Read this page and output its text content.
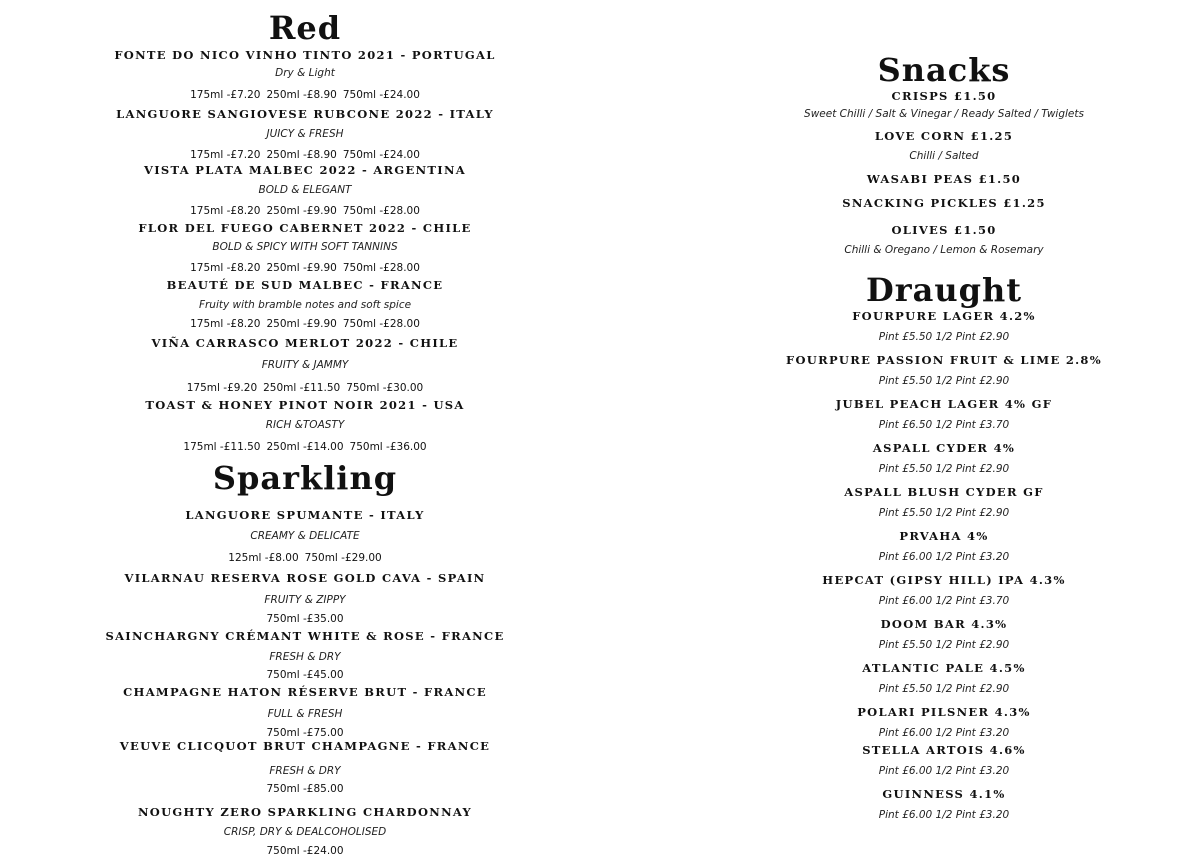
Red
FONTE DO NICO VINHO TINTO 2021 - PORTUGAL
Dry & Light
175ml -£7.20 250ml -£8.90 750ml -£24.00
LANGUORE SANGIOVESE RUBCONE 2022 - ITALY
JUICY & FRESH
175ml -£7.20 250ml -£8.90 750ml -£24.00
VISTA PLATA MALBEC 2022 - ARGENTINA
BOLD & ELEGANT
175ml -£8.20 250ml -£9.90 750ml -£28.00
FLOR DEL FUEGO CABERNET 2022 - CHILE
BOLD & SPICY WITH SOFT TANNINS
175ml -£8.20 250ml -£9.90 750ml -£28.00
BEAUTÉ DE SUD MALBEC - FRANCE
Fruity with bramble notes and soft spice
175ml -£8.20 250ml -£9.90 750ml -£28.00
VIÑA CARRASCO MERLOT 2022 - CHILE
FRUITY & JAMMY
175ml -£9.20 250ml -£11.50 750ml -£30.00
TOAST & HONEY PINOT NOIR 2021 - USA
RICH &TOASTY
175ml -£11.50 250ml -£14.00 750ml -£36.00
Sparkling
LANGUORE SPUMANTE - ITALY
CREAMY & DELICATE
125ml -£8.00 750ml -£29.00
VILARNAU RESERVA ROSE GOLD CAVA - SPAIN
FRUITY & ZIPPY
750ml -£35.00
SAINCHARGNY CRÉMANT WHITE & ROSE - FRANCE
FRESH & DRY
750ml -£45.00
CHAMPAGNE HATON RÉSERVE BRUT - FRANCE
FULL & FRESH
750ml -£75.00
VEUVE CLICQUOT BRUT CHAMPAGNE - FRANCE
FRESH & DRY
750ml -£85.00
NOUGHTY ZERO SPARKLING CHARDONNAY
CRISP, DRY & DEALCOHOLISED
750ml -£24.00
Snacks
CRISPS £1.50
Sweet Chilli / Salt & Vinegar / Ready Salted / Twiglets
LOVE CORN £1.25
Chilli / Salted
WASABI PEAS £1.50
SNACKING PICKLES £1.25
OLIVES £1.50
Chilli & Oregano / Lemon & Rosemary
Draught
FOURPURE LAGER 4.2%
Pint £5.50 1/2 Pint £2.90
FOURPURE PASSION FRUIT & LIME 2.8%
Pint £5.50 1/2 Pint £2.90
JUBEL PEACH LAGER 4% GF
Pint £6.50 1/2 Pint £3.70
ASPALL CYDER 4%
Pint £5.50 1/2 Pint £2.90
ASPALL BLUSH CYDER GF
Pint £5.50 1/2 Pint £2.90
PRVAHA 4%
Pint £6.00 1/2 Pint £3.20
HEPCAT (GIPSY HILL) IPA 4.3%
Pint £6.00 1/2 Pint £3.70
DOOM BAR 4.3%
Pint £5.50 1/2 Pint £2.90
ATLANTIC PALE 4.5%
Pint £5.50 1/2 Pint £2.90
POLARI PILSNER 4.3%
Pint £6.00 1/2 Pint £3.20
STELLA ARTOIS 4.6%
Pint £6.00 1/2 Pint £3.20
GUINNESS 4.1%
Pint £6.00 1/2 Pint £3.20
